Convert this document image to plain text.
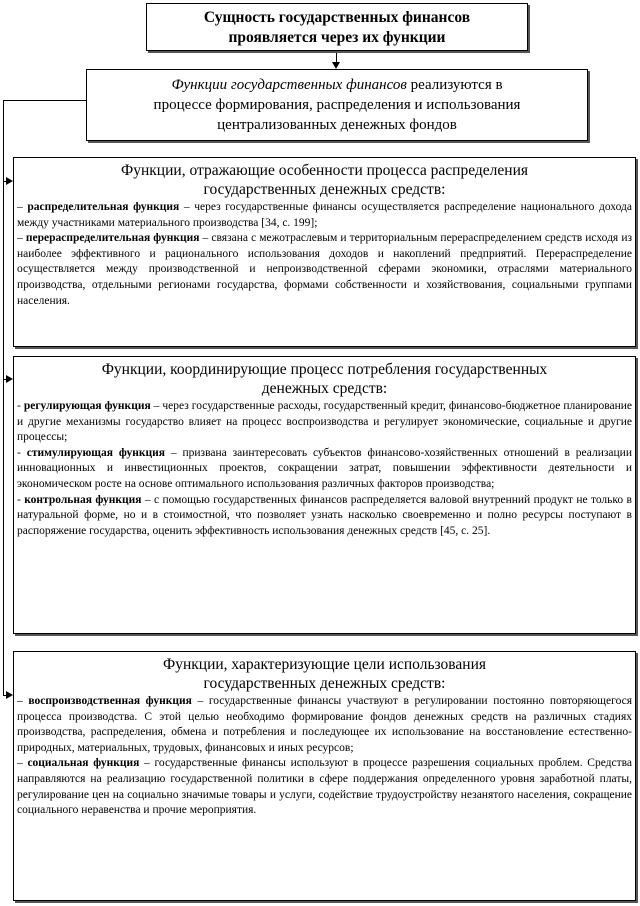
Сущность государственных финансов
проявляется через их функции
Функции государственных финансов реализуются в
процессе формирования, распределения и использования
централизованных денежных фондов
Функции, отражающие особенности процесса распределения
государственных денежных средств:

– распределительная функция – через государственные финансы осуществляется распределение национального дохода между участниками материального производства [34, с. 199];

– перераспределительная функция – связана с межотраслевым и территориальным перераспределением средств исходя из наиболее эффективного и рационального использования доходов и накоплений предприятий. Перераспределение осуществляется между производственной и непроизводственной сферами экономики, отраслями материального производства, отдельными регионами государства, формами собственности и хозяйствования, социальными группами населения.

Функции, координирующие процесс потребления государственных
денежных средств:

- регулирующая функция – через государственные расходы, государственный кредит, финансово-бюджетное планирование и другие механизмы государство влияет на процесс воспроизводства и регулирует экономические, социальные и другие процессы;

- стимулирующая функция – призвана заинтересовать субъектов финансово-хозяйственных отношений в реализации инновационных и инвестиционных проектов, сокращении затрат, повышении эффективности деятельности и экономическом росте на основе оптимального использования различных факторов производства;

- контрольная функция – с помощью государственных финансов распределяется валовой внутренний продукт не только в натуральной форме, но и в стоимостной, что позволяет узнать насколько своевременно и полно ресурсы поступают в распоряжение государства, оценить эффективность использования денежных средств [45, с. 25].

Функции, характеризующие цели использования
государственных денежных средств:

– воспроизводственная функция – государственные финансы участвуют в регулировании постоянно повторяющегося процесса производства. С этой целью необходимо формирование фондов денежных средств на различных стадиях производства, распределения, обмена и потребления и последующее их использование на восстановление естественно-природных, материальных, трудовых, финансовых и иных ресурсов;

– социальная функция – государственные финансы используют в процессе разрешения социальных проблем. Средства направляются на реализацию государственной политики в сфере поддержания определенного уровня заработной платы, регулирование цен на социально значимые товары и услуги, содействие трудоустройству незанятого населения, сокращение социального неравенства и прочие мероприятия.
